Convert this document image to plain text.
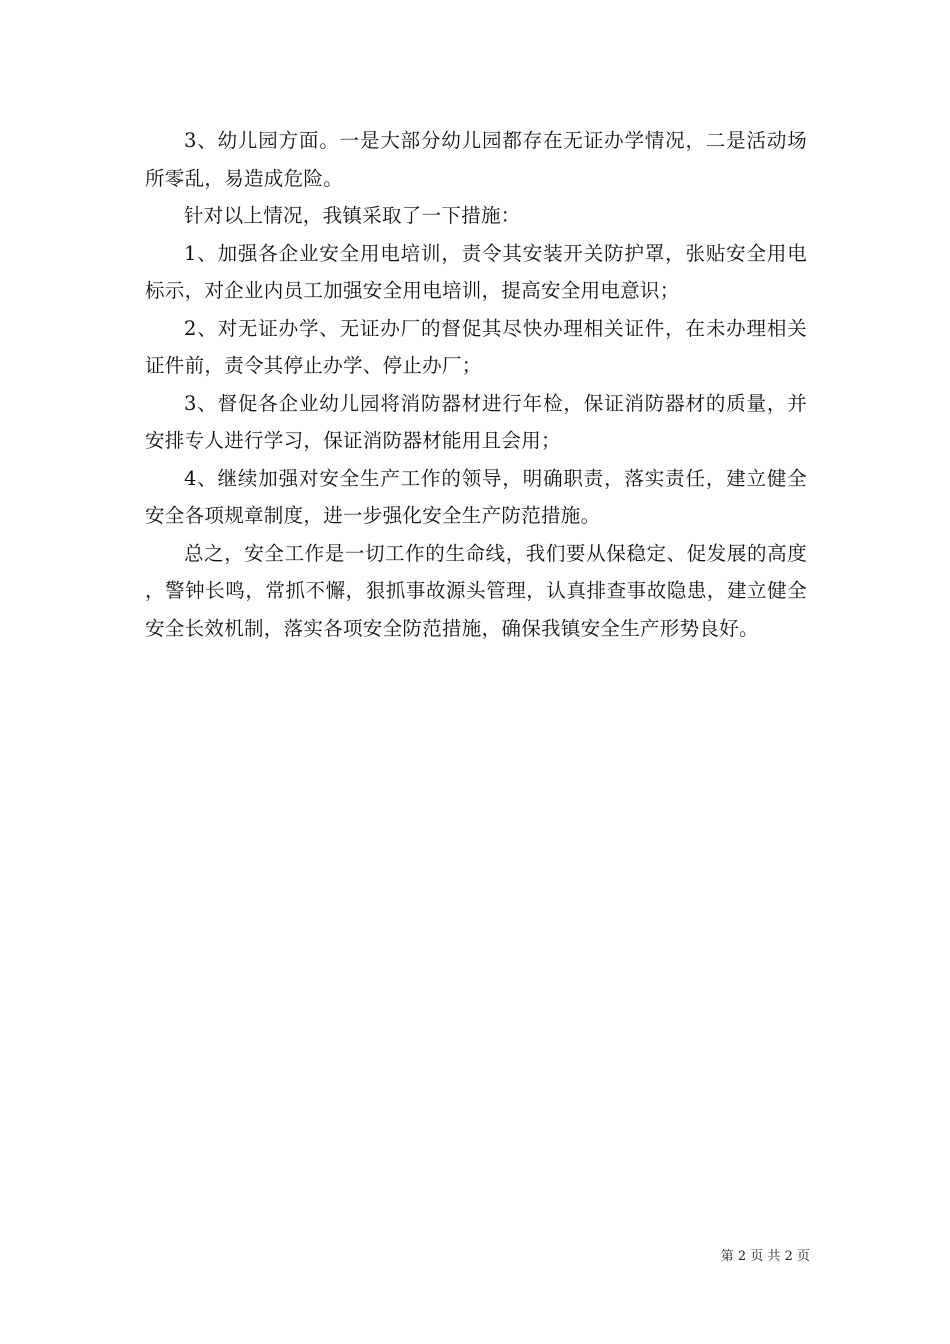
3、幼儿园方面。一是大部分幼儿园都存在无证办学情况，二是活动场所零乱，易造成危险。

针对以上情况，我镇采取了一下措施：

1、加强各企业安全用电培训，责令其安装开关防护罩，张贴安全用电标示，对企业内员工加强安全用电培训，提高安全用电意识；

2、对无证办学、无证办厂的督促其尽快办理相关证件，在未办理相关证件前，责令其停止办学、停止办厂；

3、督促各企业幼儿园将消防器材进行年检，保证消防器材的质量，并安排专人进行学习，保证消防器材能用且会用；

4、继续加强对安全生产工作的领导，明确职责，落实责任，建立健全安全各项规章制度，进一步强化安全生产防范措施。

总之，安全工作是一切工作的生命线，我们要从保稳定、促发展的高度，警钟长鸣，常抓不懈，狠抓事故源头管理，认真排查事故隐患，建立健全安全长效机制，落实各项安全防范措施，确保我镇安全生产形势良好。

第 2 页 共 2 页
